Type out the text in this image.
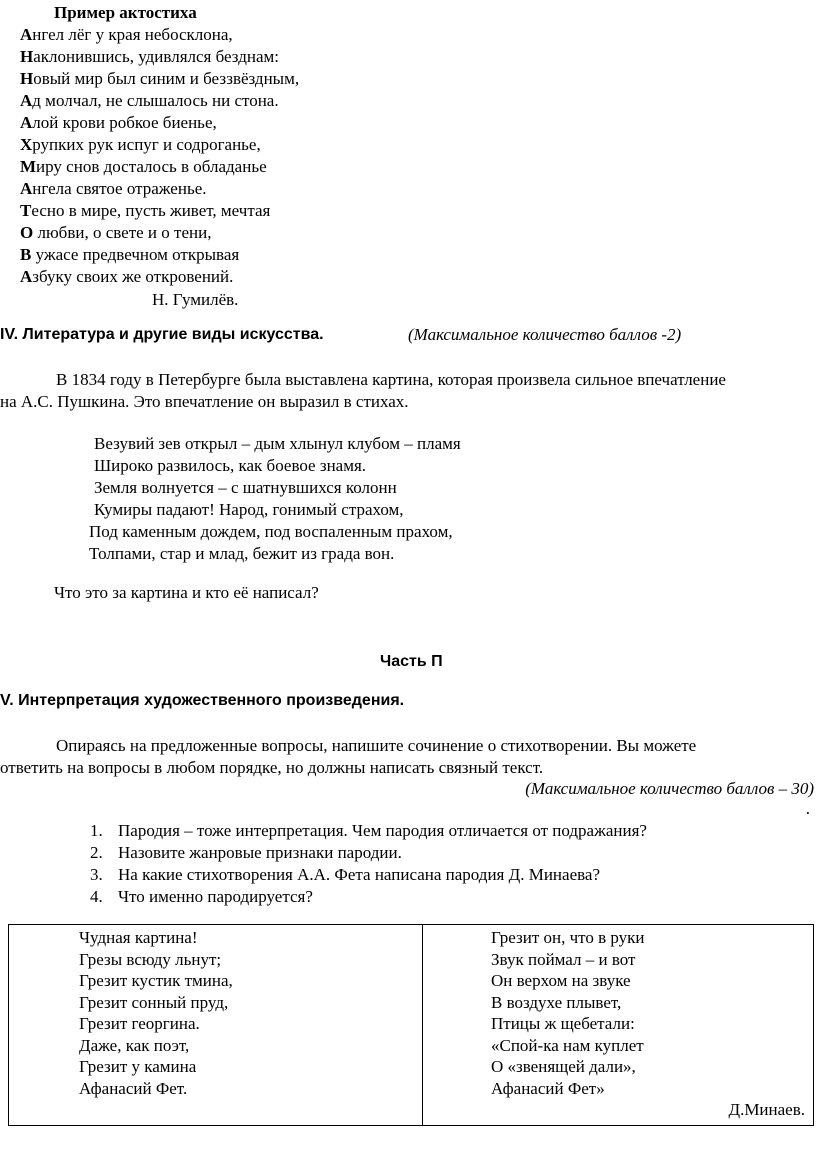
Пример актостиха
Ангел лёг у края небосклона,
Наклонившись, удивлялся безднам:
Новый мир был синим и беззвёздным,
Ад молчал, не слышалось ни стона.
Алой крови робкое биенье,
Хрупких рук испуг и содроганье,
Миру снов досталось в обладанье
Ангела святое отраженье.
Тесно в мире, пусть живет, мечтая
О любви, о свете и о тени,
В ужасе предвечном открывая
Азбуку своих же откровений.
Н. Гумилёв.
IV. Литература и другие виды искусства.	(Максимальное количество баллов -2)
В 1834 году в Петербурге была выставлена картина, которая произвела сильное впечатление
на А.С. Пушкина. Это впечатление он выразил в стихах.
Везувий зев открыл – дым хлынул клубом – пламя
Широко развилось, как боевое знамя.
Земля волнуется – с шатнувшихся колонн
Кумиры падают! Народ, гонимый страхом,
Под каменным дождем, под воспаленным прахом,
Толпами, стар и млад, бежит из града вон.
Что это за картина и кто её написал?
Часть П
V. Интерпретация художественного произведения.
Опираясь на предложенные вопросы, напишите сочинение о стихотворении. Вы можете
ответить на вопросы в любом порядке, но должны написать связный текст.
(Максимальное количество баллов – 30)
.
1. Пародия – тоже интерпретация. Чем пародия отличается от подражания?
2. Назовите жанровые признаки пародии.
3. На какие стихотворения А.А. Фета написана пародия Д. Минаева?
4. Что именно пародируется?
Чудная картина!
Грезы всюду льнут;
Грезит кустик тмина,
Грезит сонный пруд,
Грезит георгина.
Даже, как поэт,
Грезит у камина
Афанасий Фет.

Грезит он, что в руки
Звук поймал – и вот
Он верхом на звуке
В воздухе плывет,
Птицы ж щебетали:
«Спой-ка нам куплет
О «звенящей дали»,
Афанасий Фет»
Д.Минаев.
